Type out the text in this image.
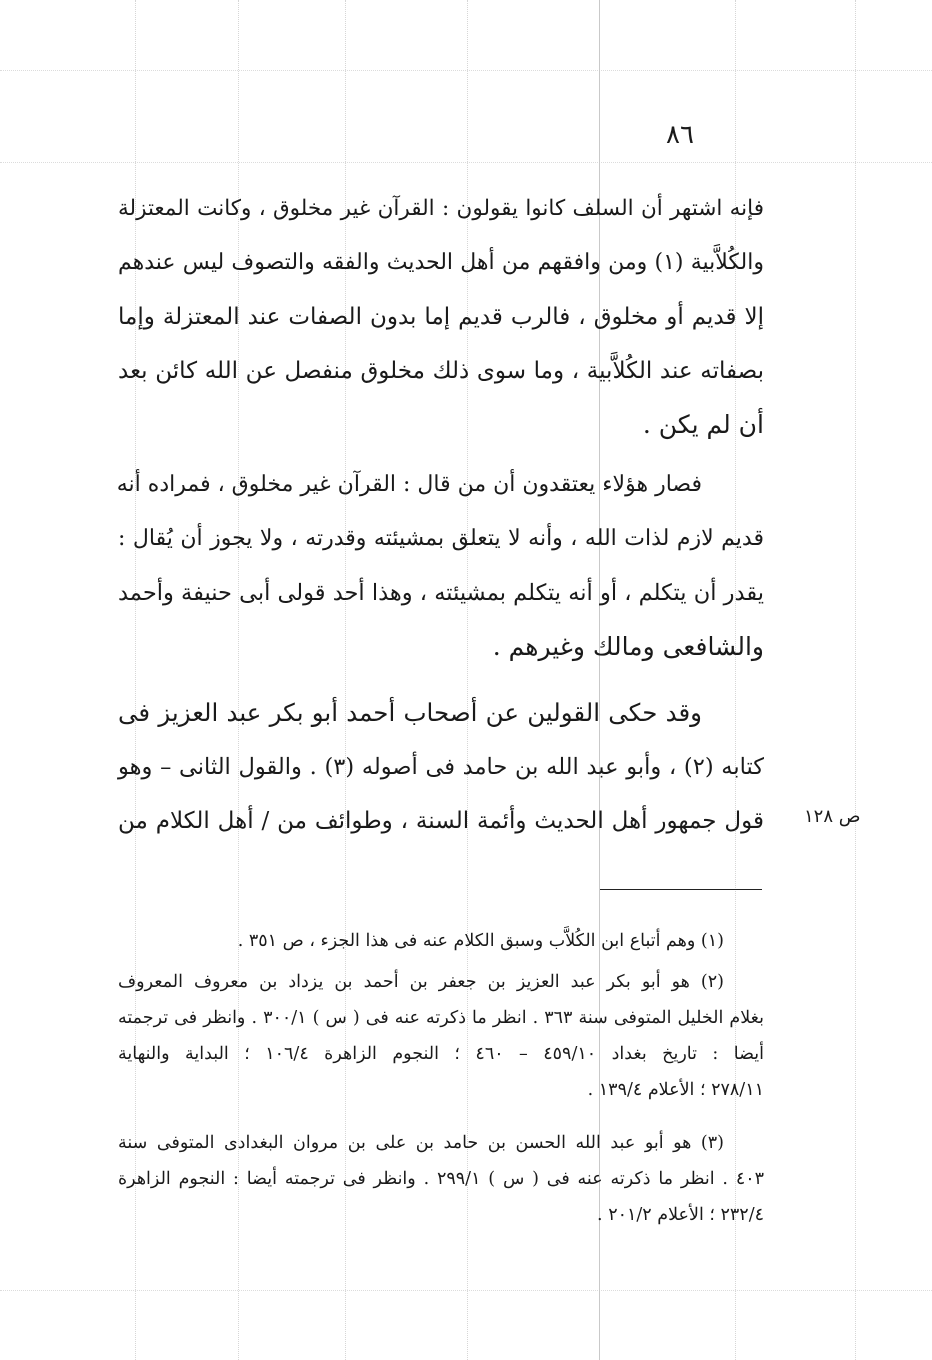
٨٦
فإنه اشتهر أن السلف كانوا يقولون : القرآن غير مخلوق ، وكانت المعتزلة
والكُلاَّبية (١) ومن وافقهم من أهل الحديث والفقه والتصوف ليس عندهم
إلا قديم أو مخلوق ، فالرب قديم إما بدون الصفات عند المعتزلة وإما
بصفاته عند الكُلاَّبية ، وما سوى ذلك مخلوق منفصل عن الله كائن بعد
أن لم يكن .
فصار هؤلاء يعتقدون أن من قال : القرآن غير مخلوق ، فمراده أنه
قديم لازم لذات الله ، وأنه لا يتعلق بمشيئته وقدرته ، ولا يجوز أن يُقال :
يقدر أن يتكلم ، أو أنه يتكلم بمشيئته ، وهذا أحد قولى أبى حنيفة وأحمد
والشافعى ومالك وغيرهم .
وقد حكى القولين عن أصحاب أحمد أبو بكر عبد العزيز فى
كتابه (٢) ، وأبو عبد الله بن حامد فى أصوله (٣) . والقول الثانى – وهو
قول جمهور أهل الحديث وأئمة السنة ، وطوائف من / أهل الكلام من ص ١٢٨
(١) وهم أتباع ابن الكُلاَّب وسبق الكلام عنه فى هذا الجزء ، ص ٣٥١ .
(٢) هو أبو بكر عبد العزيز بن جعفر بن أحمد بن يزداد بن معروف المعروف
بغلام الخليل المتوفى سنة ٣٦٣ . انظر ما ذكرته عنه فى ( س ) ٣٠٠/١ . وانظر فى ترجمته
أيضا : تاريخ بغداد ٤٥٩/١٠ – ٤٦٠ ؛ النجوم الزاهرة ١٠٦/٤ ؛ البداية والنهاية
٢٧٨/١١ ؛ الأعلام ١٣٩/٤ .
(٣) هو أبو عبد الله الحسن بن حامد بن على بن مروان البغدادى المتوفى سنة
٤٠٣ . انظر ما ذكرته عنه فى ( س ) ٢٩٩/١ . وانظر فى ترجمته أيضا : النجوم الزاهرة
٢٣٢/٤ ؛ الأعلام ٢٠١/٢ .
